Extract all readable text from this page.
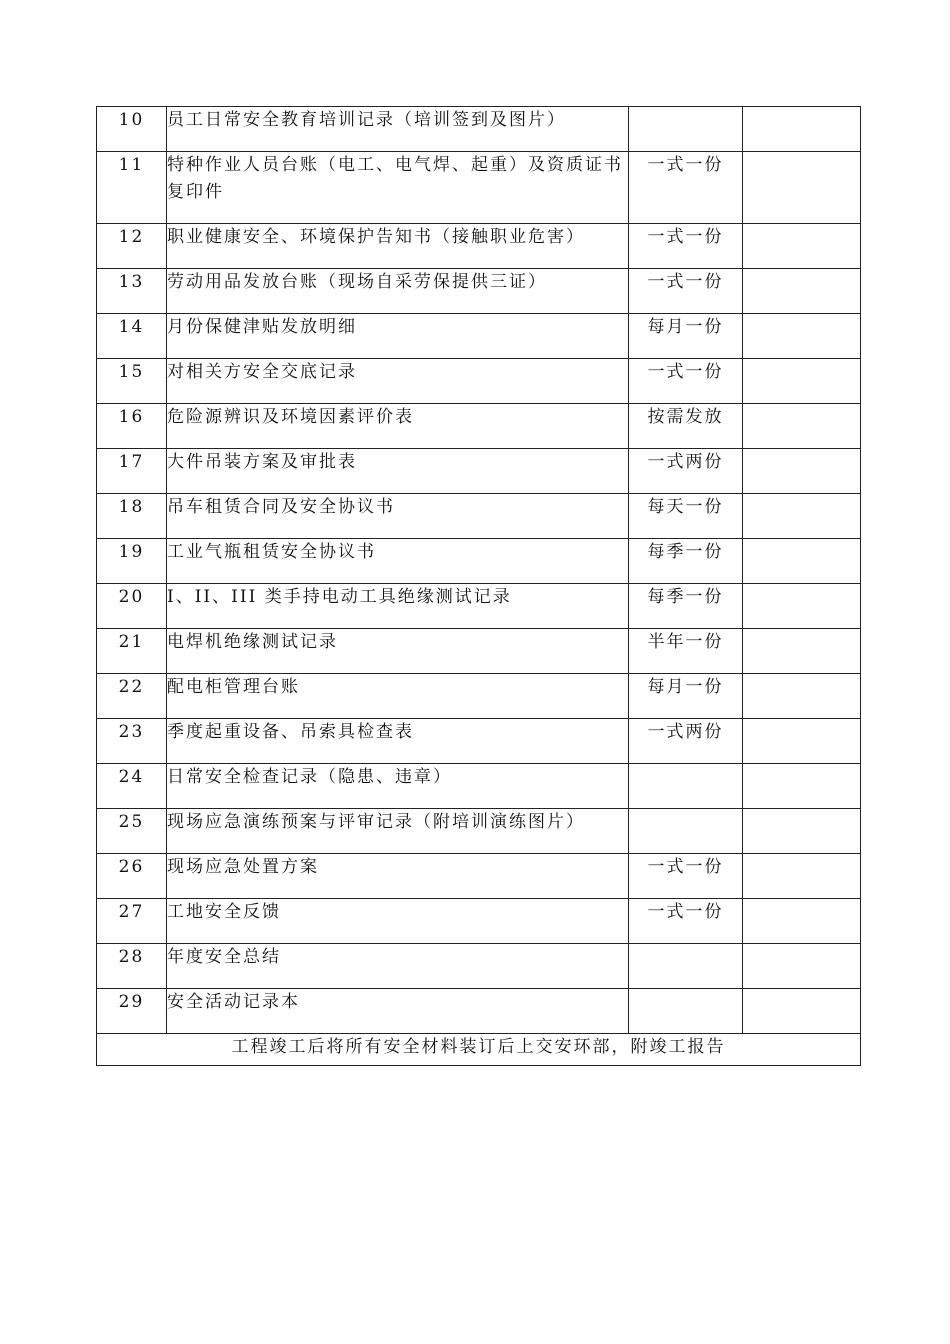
10	员工日常安全教育培训记录（培训签到及图片）		
11	特种作业人员台账（电工、电气焊、起重）及资质证书复印件	一式一份	
12	职业健康安全、环境保护告知书（接触职业危害）	一式一份	
13	劳动用品发放台账（现场自采劳保提供三证）	一式一份	
14	月份保健津贴发放明细	每月一份	
15	对相关方安全交底记录	一式一份	
16	危险源辨识及环境因素评价表	按需发放	
17	大件吊装方案及审批表	一式两份	
18	吊车租赁合同及安全协议书	每天一份	
19	工业气瓶租赁安全协议书	每季一份	
20	I、II、III 类手持电动工具绝缘测试记录	每季一份	
21	电焊机绝缘测试记录	半年一份	
22	配电柜管理台账	每月一份	
23	季度起重设备、吊索具检查表	一式两份	
24	日常安全检查记录（隐患、违章）		
25	现场应急演练预案与评审记录（附培训演练图片）		
26	现场应急处置方案	一式一份	
27	工地安全反馈	一式一份	
28	年度安全总结		
29	安全活动记录本		
工程竣工后将所有安全材料装订后上交安环部，附竣工报告			
